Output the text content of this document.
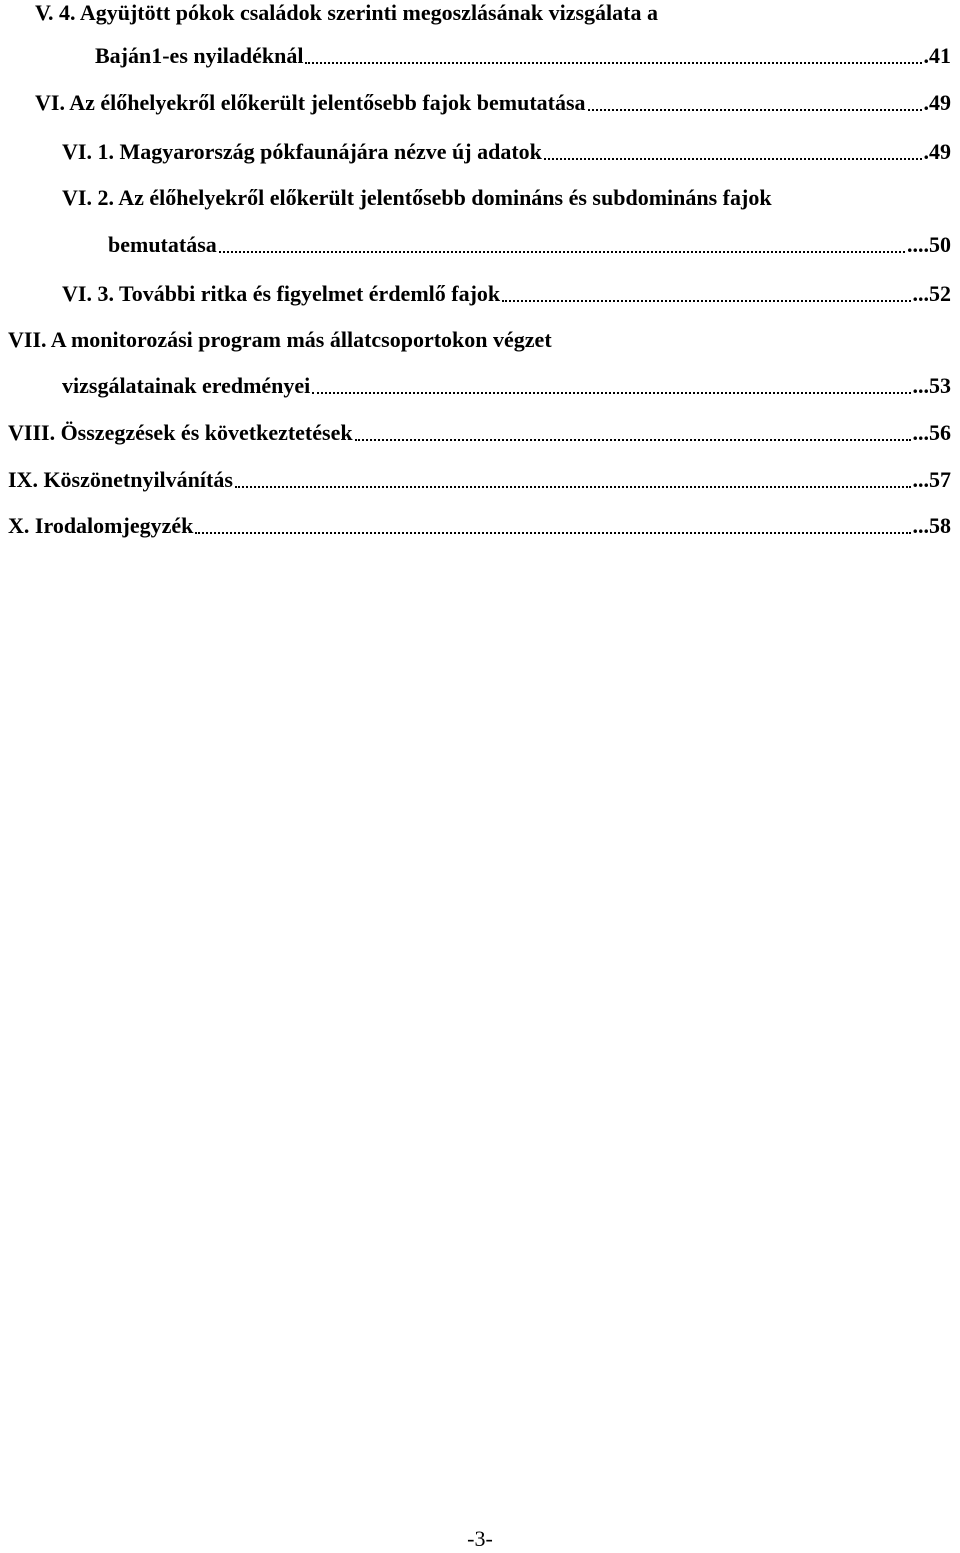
V. 4. Agyüjtött pókok családok szerinti megoszlásának vizsgálata a
Baján1-es nyiladéknál	.41
VI. Az élőhelyekről előkerült jelentősebb fajok bemutatása	.49
VI. 1. Magyarország pókfaunájára nézve új adatok	.49
VI. 2. Az élőhelyekről előkerült jelentősebb domináns és subdomináns fajok
bemutatása	....50
VI. 3. További ritka és figyelmet érdemlő fajok	...52
VII. A monitorozási program más állatcsoportokon végzet
vizsgálatainak eredményei	...53
VIII. Összegzések és következtetések	...56
IX. Köszönetnyilvánítás	...57
X. Irodalomjegyzék	...58
-3-
